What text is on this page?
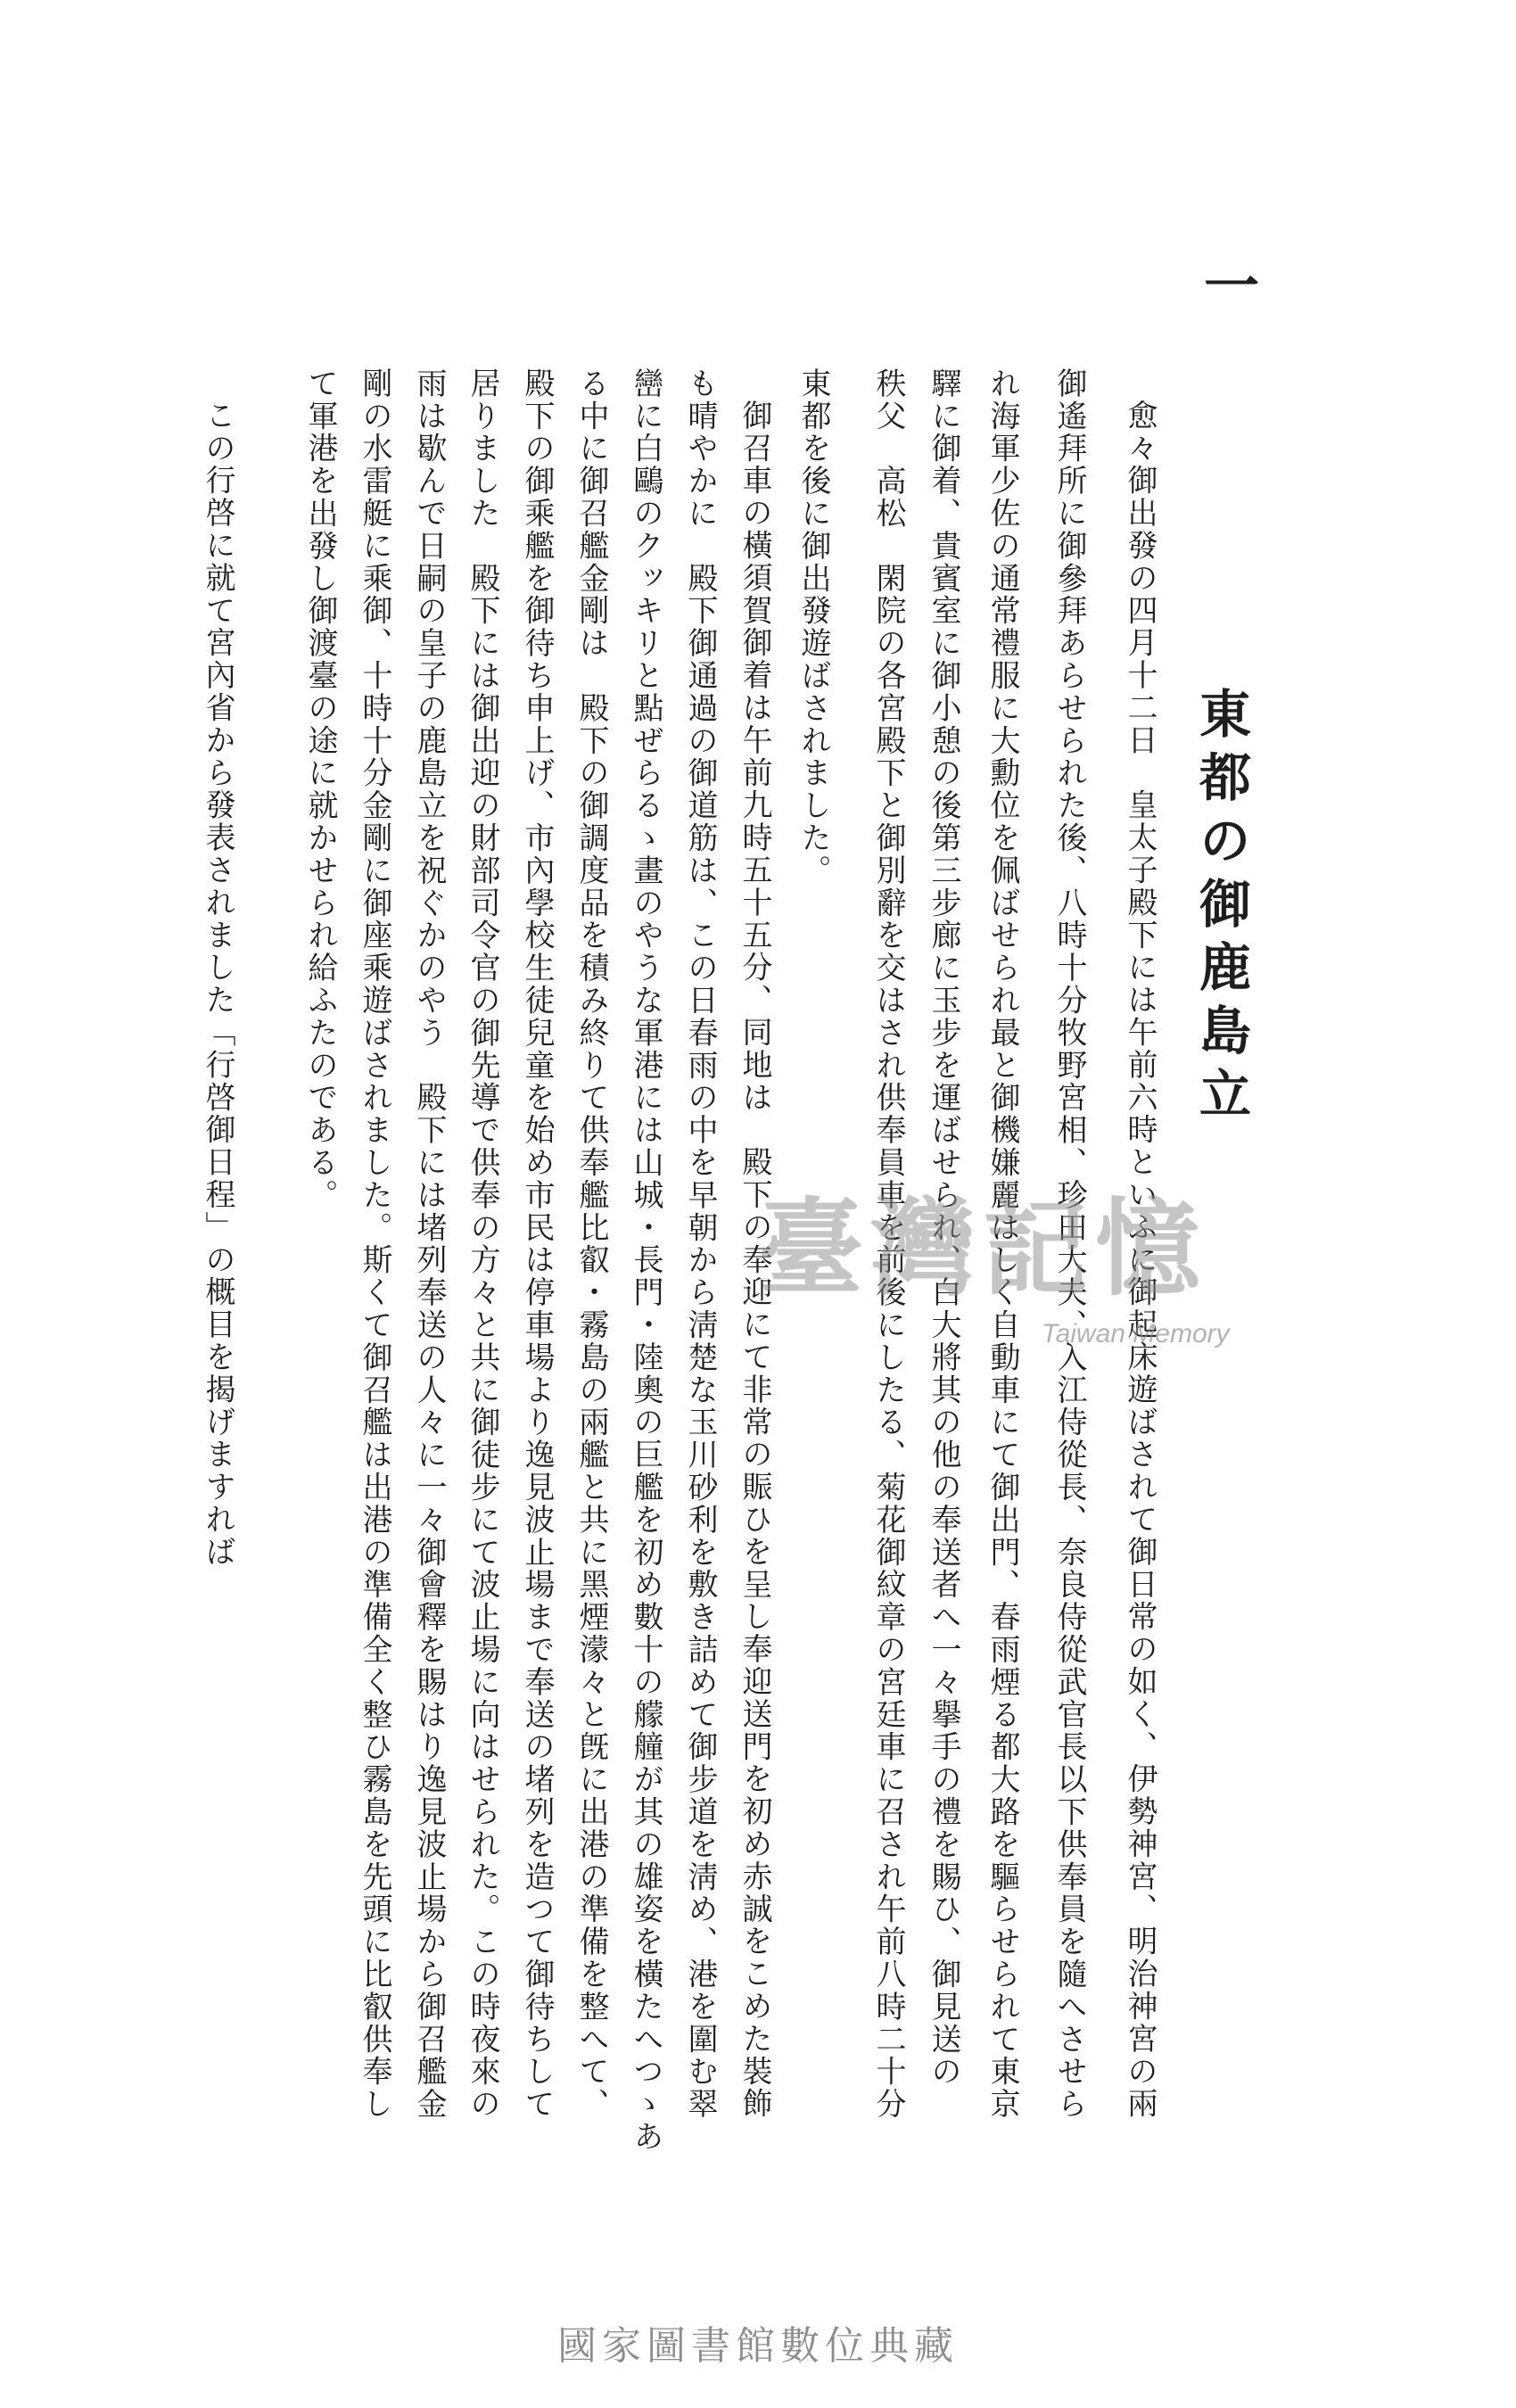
一
東都の御鹿島立
愈々御出發の四月十二日　皇太子殿下には午前六時といふに御起床遊ばされて御日常の如く、伊勢神宮、明治神宮の兩
御遙拜所に御參拜あらせられた後、八時十分牧野宮相、珍田大夫、入江侍從長、奈良侍從武官長以下供奉員を隨へさせら
れ海軍少佐の通常禮服に大勳位を佩ばせられ最と御機嫌麗はしく自動車にて御出門、春雨煙る都大路を驅らせられて東京
驛に御着、貴賓室に御小憩の後第三步廊に玉步を運ばせられ、白大將其の他の奉送者へ一々擧手の禮を賜ひ、御見送の
秩父　高松　閑院の各宮殿下と御別辭を交はされ供奉員車を前後にしたる、菊花御紋章の宮廷車に召され午前八時二十分
東都を後に御出發遊ばされました。
御召車の橫須賀御着は午前九時五十五分、同地は　殿下の奉迎にて非常の賑ひを呈し奉迎送門を初め赤誠をこめた裝飾
も晴やかに　殿下御通過の御道筋は、この日春雨の中を早朝から淸楚な玉川砂利を敷き詰めて御步道を淸め、港を圍む翠
巒に白鷗のクッキリと點ぜらるゝ畫のやうな軍港には山城・長門・陸奧の巨艦を初め數十の艨艟が其の雄姿を橫たへつゝあ
る中に御召艦金剛は　殿下の御調度品を積み終りて供奉艦比叡・霧島の兩艦と共に黑煙濛々と旣に出港の準備を整へて、
殿下の御乘艦を御待ち申上げ、市內學校生徒兒童を始め市民は停車場より逸見波止場まで奉送の堵列を造つて御待ちして
居りました　殿下には御出迎の財部司令官の御先導で供奉の方々と共に御徒步にて波止場に向はせられた。この時夜來の
雨は歇んで日嗣の皇子の鹿島立を祝ぐかのやう　殿下には堵列奉送の人々に一々御會釋を賜はり逸見波止場から御召艦金
剛の水雷艇に乘御、十時十分金剛に御座乘遊ばされました。斯くて御召艦は出港の準備全く整ひ霧島を先頭に比叡供奉し
て軍港を出發し御渡臺の途に就かせられ給ふたのである。
この行啓に就て宮內省から發表されました「行啓御日程」の概目を揭げますれば	臺灣記憶
Taiwan Memory
國家圖書館數位典藏
